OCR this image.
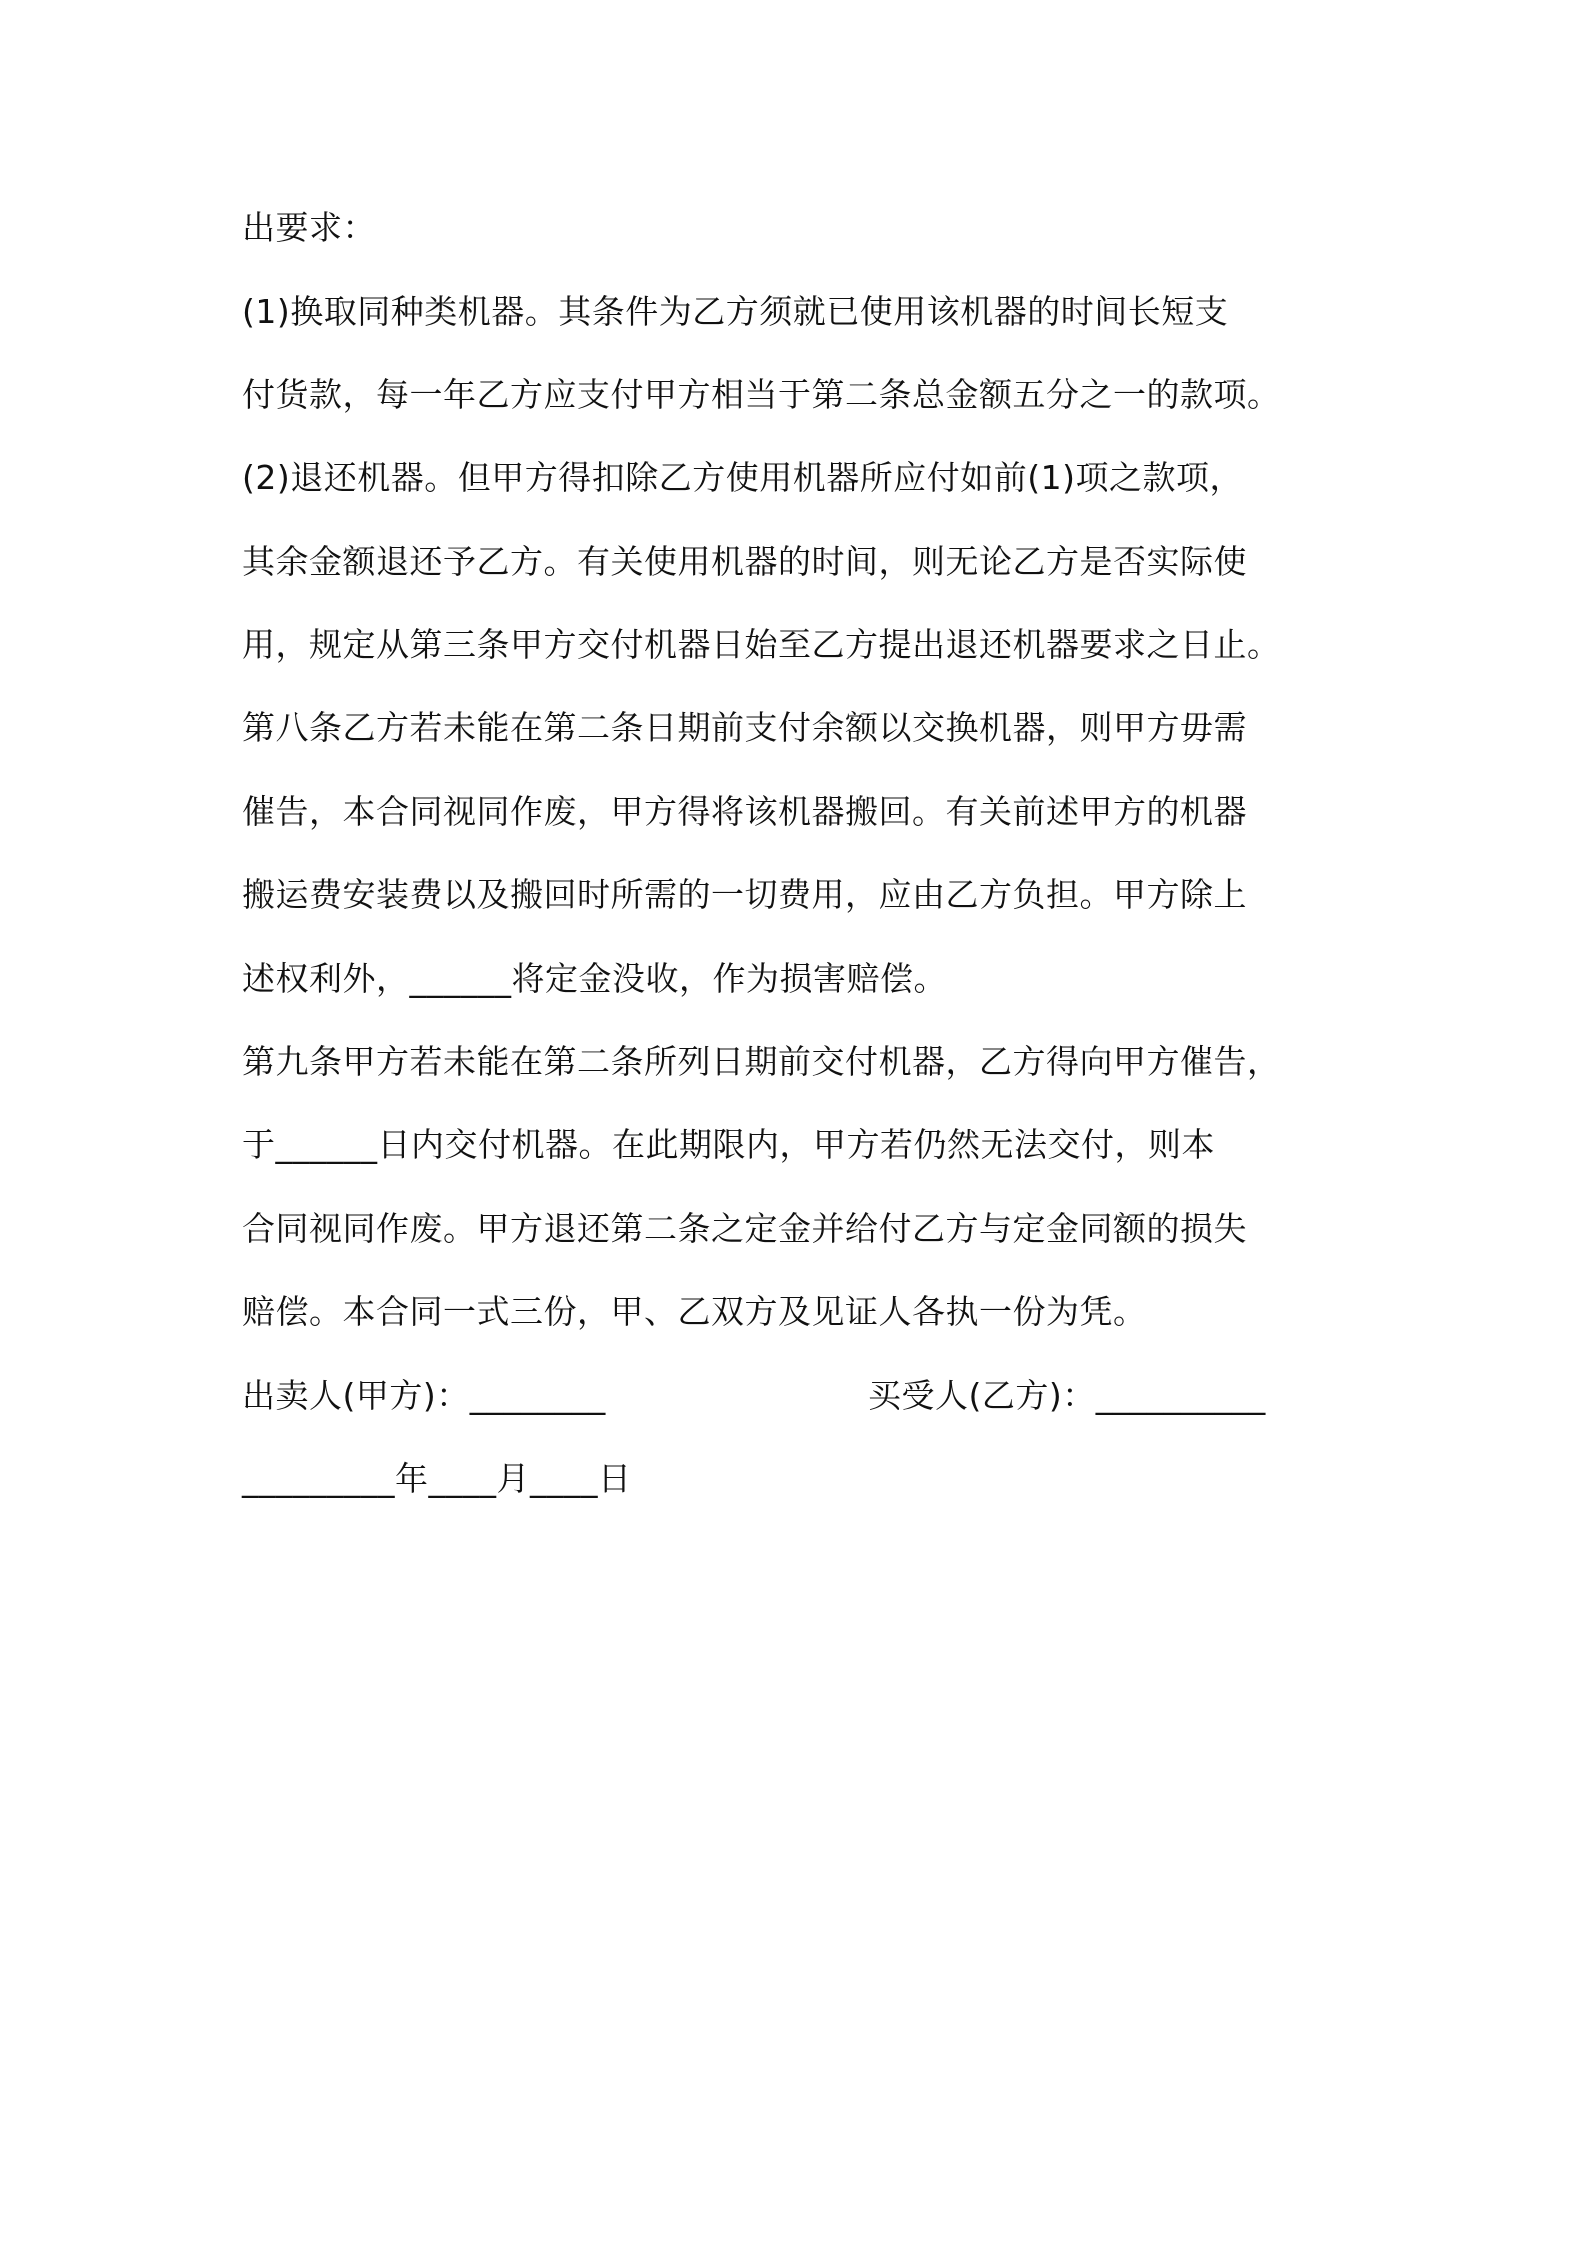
出要求：
(1)换取同种类机器。其条件为乙方须就已使用该机器的时间长短支
付货款，每一年乙方应支付甲方相当于第二条总金额五分之一的款项。
(2)退还机器。但甲方得扣除乙方使用机器所应付如前(1)项之款项，
其余金额退还予乙方。有关使用机器的时间，则无论乙方是否实际使
用，规定从第三条甲方交付机器日始至乙方提出退还机器要求之日止。
第八条乙方若未能在第二条日期前支付余额以交换机器，则甲方毋需
催告，本合同视同作废，甲方得将该机器搬回。有关前述甲方的机器
搬运费安装费以及搬回时所需的一切费用，应由乙方负担。甲方除上
述权利外，______将定金没收，作为损害赔偿。
第九条甲方若未能在第二条所列日期前交付机器，乙方得向甲方催告，
于______日内交付机器。在此期限内，甲方若仍然无法交付，则本
合同视同作废。甲方退还第二条之定金并给付乙方与定金同额的损失
赔偿。本合同一式三份，甲、乙双方及见证人各执一份为凭。
出卖人(甲方)：________	买受人(乙方)：__________
_________年____月____日
